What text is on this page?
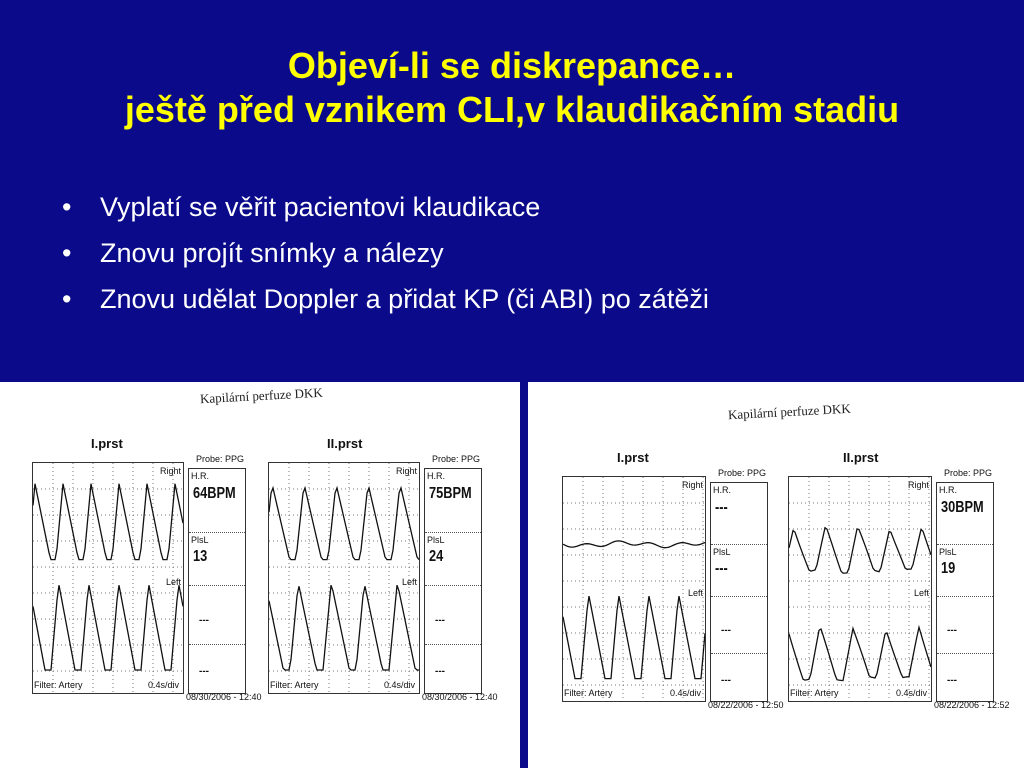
Objeví-li se diskrepance…
ještě před vznikem CLI,v klaudikačním stadiu
• Vyplatí se věřit pacientovi klaudikace
• Znovu projít snímky a nálezy
• Znovu udělat Doppler a přidat KP (či ABI) po zátěži
Kapilární perfuze DKK
I.prst
Right
Left
Filter: Artery	0.4s/div
Probe: PPG
H.R.
64BPM
PlsL
13
---
---
08/30/2006 - 12:40
II.prst
Right
Left
Filter: Artery	0.4s/div
Probe: PPG
H.R.
75BPM
PlsL
24
---
---
08/30/2006 - 12:40
Kapilární perfuze DKK
I.prst
Right
Left
Filter: Artery	0.4s/div
Probe: PPG
H.R.
---
PlsL
---
---
---
08/22/2006 - 12:50
II.prst
Right
Left
Filter: Artery	0.4s/div
Probe: PPG
H.R.
30BPM
PlsL
19
---
---
08/22/2006 - 12:52
